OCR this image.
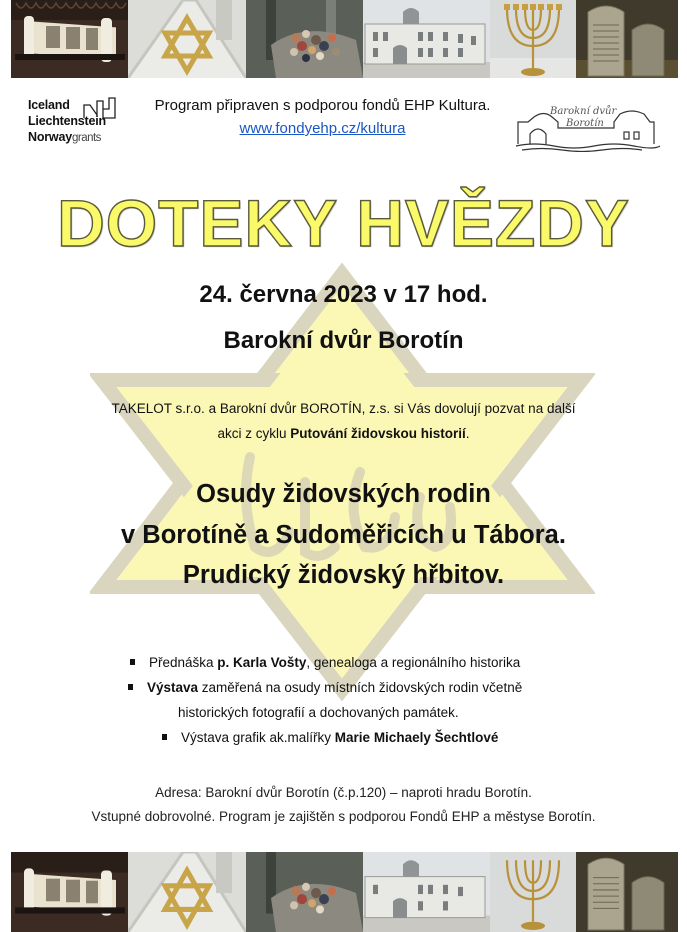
Iceland
Liechtenstein
Norwaygrants
Program připraven s podporou fondů EHP Kultura.
www.fondyehp.cz/kultura
Barokní dvůr
Borotín
DOTEKY HVĚZDY
24. června 2023 v 17 hod.
Barokní dvůr Borotín
TAKELOT s.r.o. a Barokní dvůr BOROTÍN, z.s. si Vás dovolují pozvat na další
akci z cyklu Putování židovskou historií.
Osudy židovských rodin
v Borotíně a Sudoměřicích u Tábora.
Prudický židovský hřbitov.
Přednáška p. Karla Vošty, genealoga a regionálního historika
Výstava zaměřená na osudy místních židovských rodin včetně
historických fotografií a dochovaných památek.
Výstava grafik ak.malířky Marie Michaely Šechtlové
Adresa: Barokní dvůr Borotín (č.p.120) – naproti hradu Borotín.
Vstupné dobrovolné. Program je zajištěn s podporou Fondů EHP a městyse Borotín.
